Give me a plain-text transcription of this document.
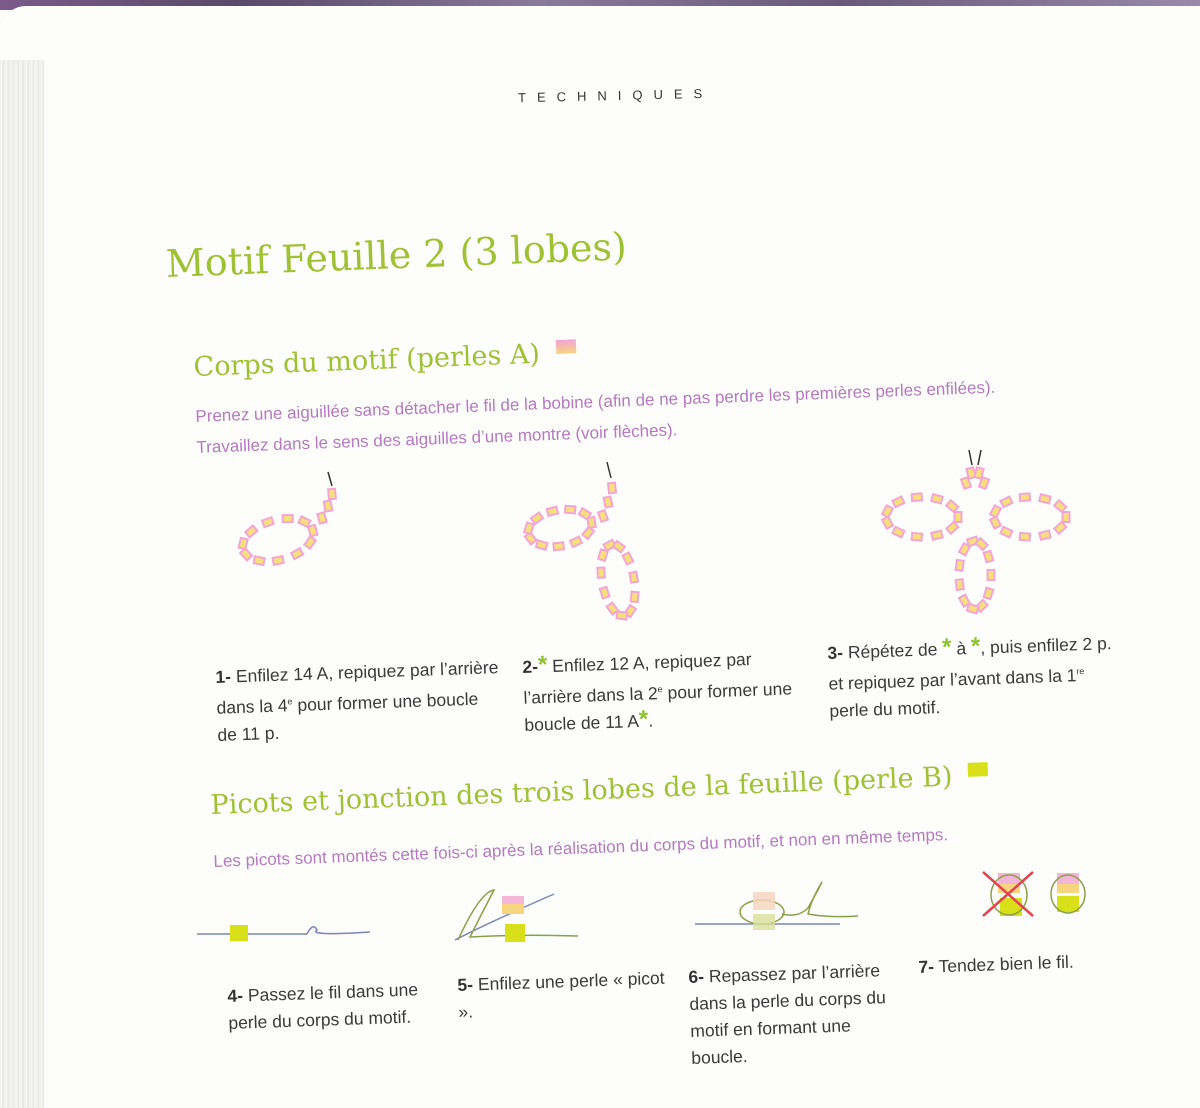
TECHNIQUES
Motif Feuille 2 (3 lobes)
Corps du motif (perles A)
Prenez une aiguillée sans détacher le fil de la bobine (afin de ne pas perdre les premières perles enfilées).
Travaillez dans le sens des aiguilles d’une montre (voir flèches).
1- Enfilez 14 A, repiquez par l’arrière dans la 4e pour former une boucle de 11 p.
2-* Enfilez 12 A, repiquez par l’arrière dans la 2e pour former une boucle de 11 A*.
3- Répétez de * à *, puis enfilez 2 p. et repiquez par l’avant dans la 1re perle du motif.
Picots et jonction des trois lobes de la feuille (perle B)
Les picots sont montés cette fois-ci après la réalisation du corps du motif, et non en même temps.
4- Passez le fil dans une perle du corps du motif.
5- Enfilez une perle « picot ».
6- Repassez par l’arrière dans la perle du corps du motif en formant une boucle.
7- Tendez bien le fil.
